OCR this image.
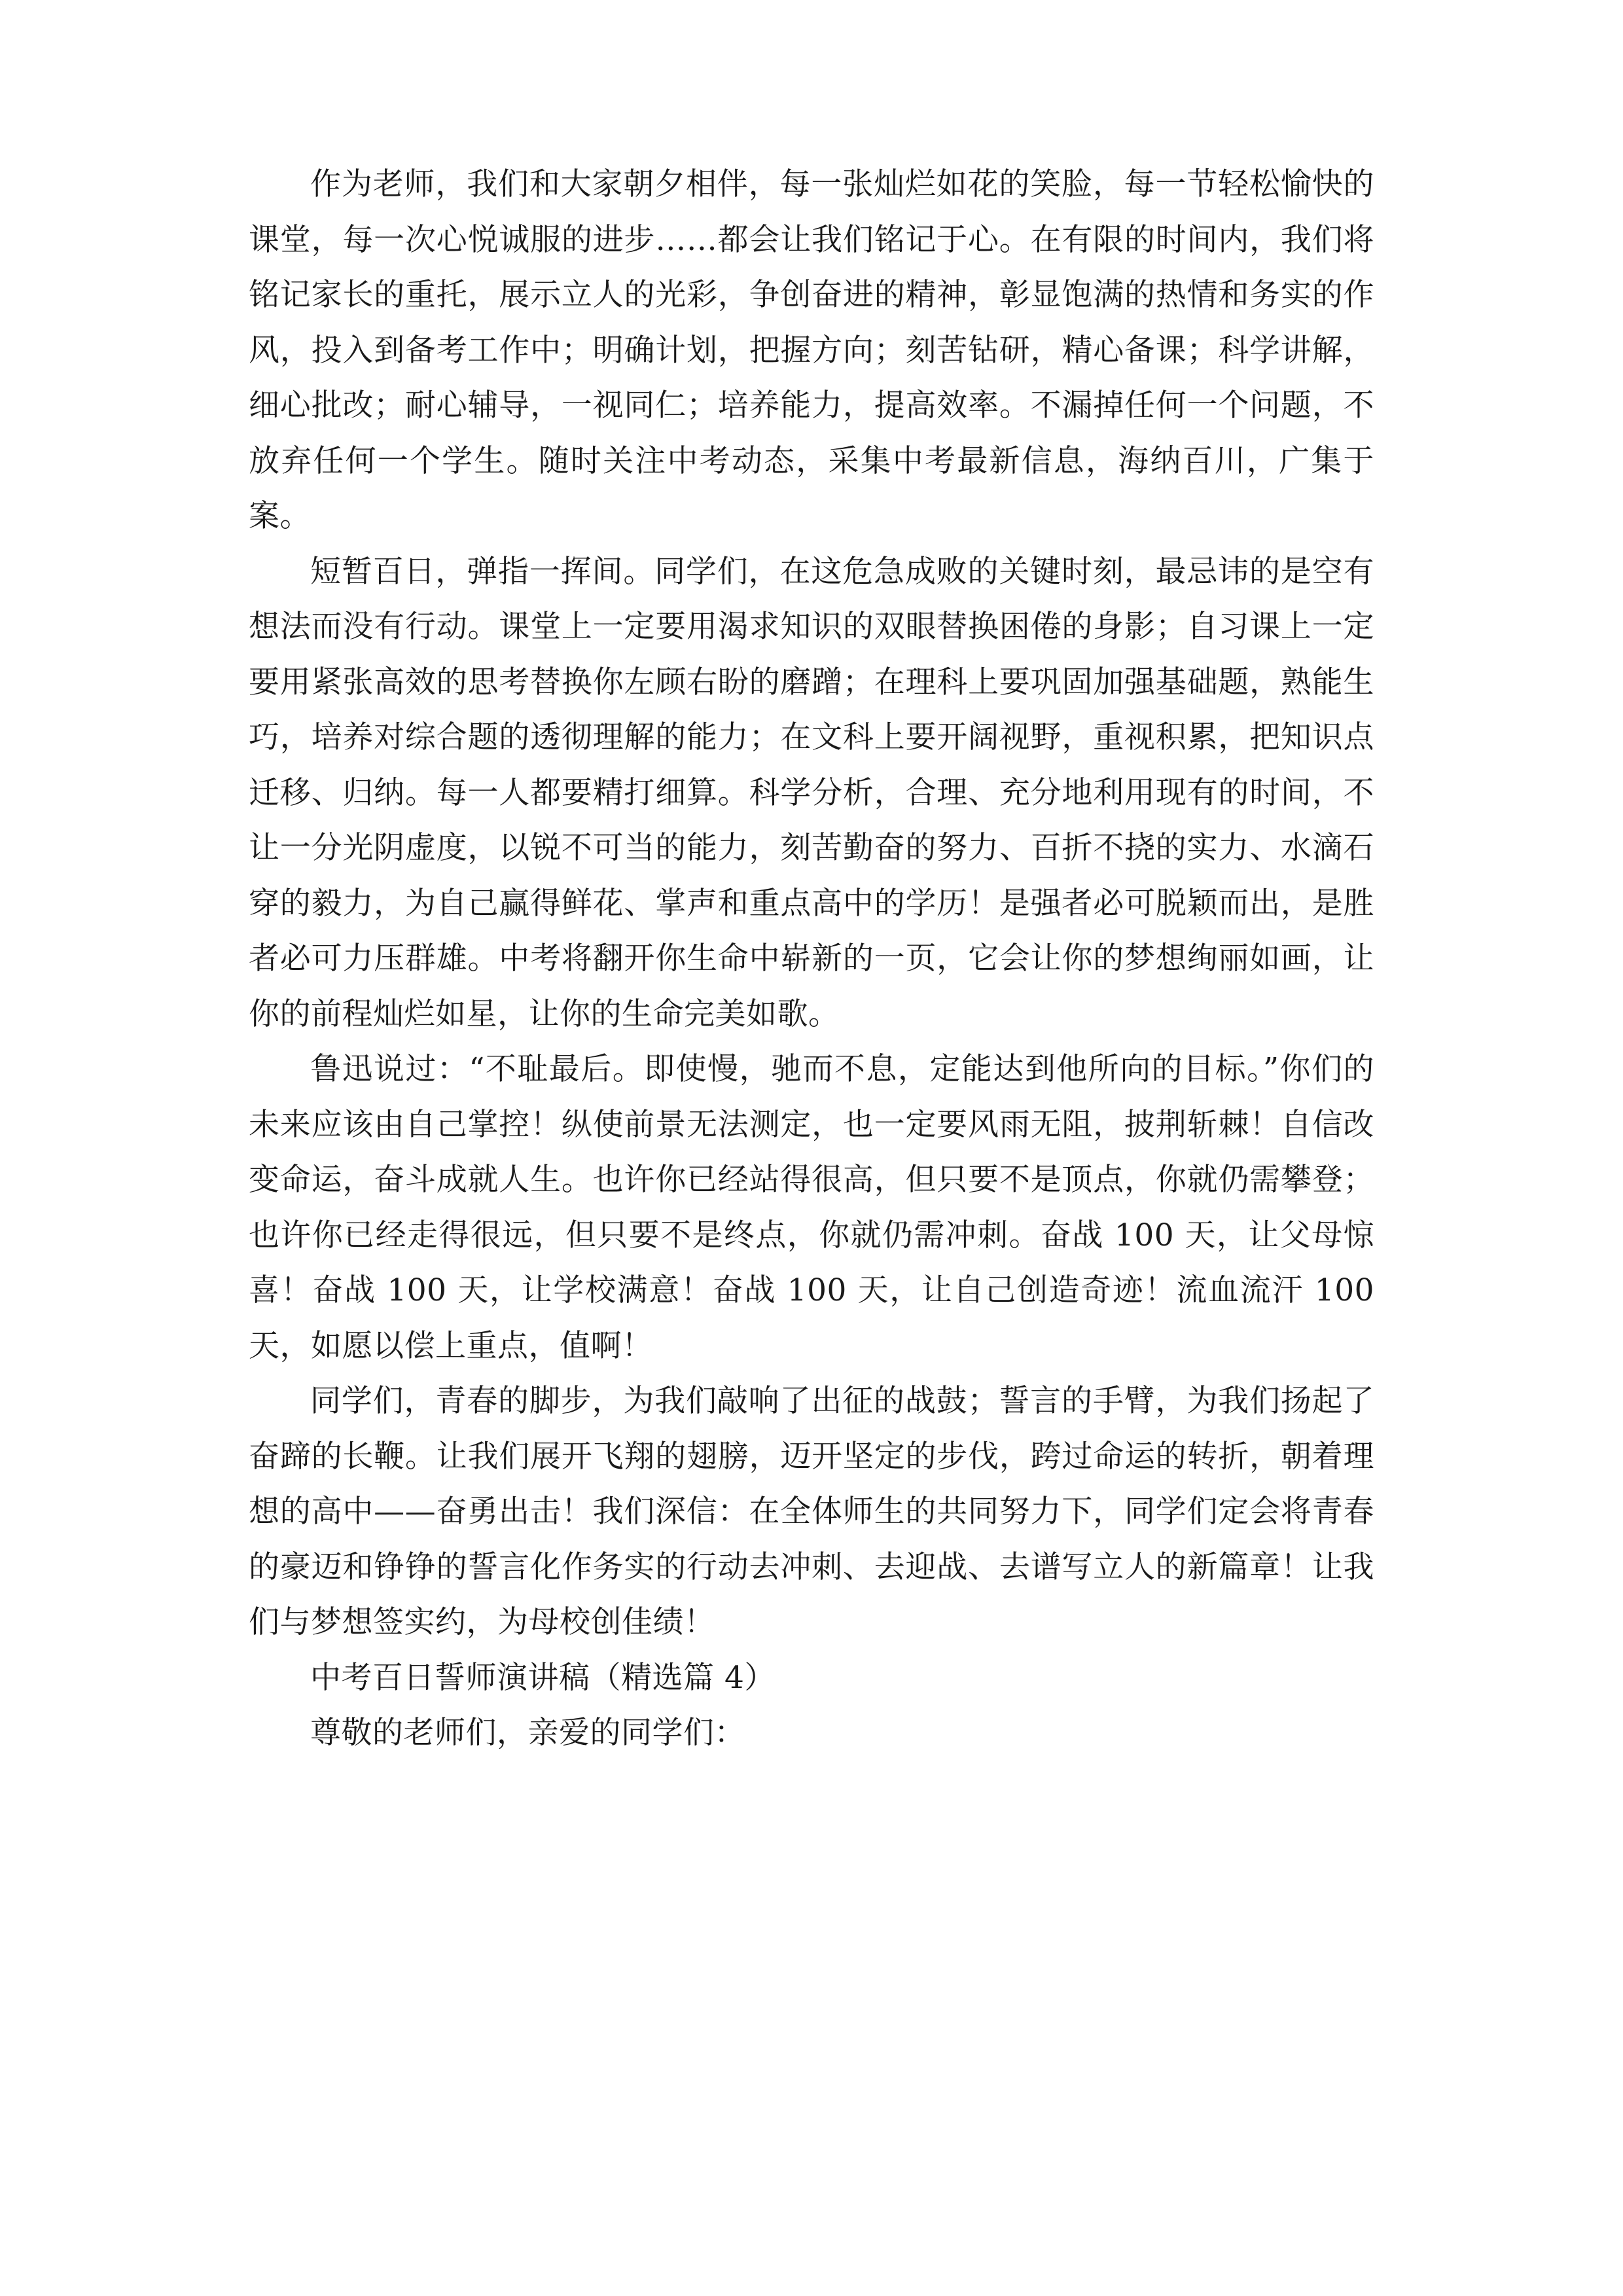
作为老师，我们和大家朝夕相伴，每一张灿烂如花的笑脸，每一节轻松愉快的课堂，每一次心悦诚服的进步……都会让我们铭记于心。在有限的时间内，我们将铭记家长的重托，展示立人的光彩，争创奋进的精神，彰显饱满的热情和务实的作风，投入到备考工作中；明确计划，把握方向；刻苦钻研，精心备课；科学讲解，细心批改；耐心辅导，一视同仁；培养能力，提高效率。不漏掉任何一个问题，不放弃任何一个学生。随时关注中考动态，采集中考最新信息，海纳百川，广集于案。

短暂百日，弹指一挥间。同学们，在这危急成败的关键时刻，最忌讳的是空有想法而没有行动。课堂上一定要用渴求知识的双眼替换困倦的身影；自习课上一定要用紧张高效的思考替换你左顾右盼的磨蹭；在理科上要巩固加强基础题，熟能生巧，培养对综合题的透彻理解的能力；在文科上要开阔视野，重视积累，把知识点迁移、归纳。每一人都要精打细算。科学分析，合理、充分地利用现有的时间，不让一分光阴虚度，以锐不可当的能力，刻苦勤奋的努力、百折不挠的实力、水滴石穿的毅力，为自己赢得鲜花、掌声和重点高中的学历！是强者必可脱颖而出，是胜者必可力压群雄。中考将翻开你生命中崭新的一页，它会让你的梦想绚丽如画，让你的前程灿烂如星，让你的生命完美如歌。

鲁迅说过：“不耻最后。即使慢，驰而不息，定能达到他所向的目标。”你们的未来应该由自己掌控！纵使前景无法测定，也一定要风雨无阻，披荆斩棘！自信改变命运，奋斗成就人生。也许你已经站得很高，但只要不是顶点，你就仍需攀登；也许你已经走得很远，但只要不是终点，你就仍需冲刺。奋战 100 天，让父母惊喜！奋战 100 天，让学校满意！奋战 100 天，让自己创造奇迹！流血流汗 100 天，如愿以偿上重点，值啊！

同学们，青春的脚步，为我们敲响了出征的战鼓；誓言的手臂，为我们扬起了奋蹄的长鞭。让我们展开飞翔的翅膀，迈开坚定的步伐，跨过命运的转折，朝着理想的高中——奋勇出击！我们深信：在全体师生的共同努力下，同学们定会将青春的豪迈和铮铮的誓言化作务实的行动去冲刺、去迎战、去谱写立人的新篇章！让我们与梦想签实约，为母校创佳绩！

中考百日誓师演讲稿（精选篇 4）

尊敬的老师们，亲爱的同学们：
